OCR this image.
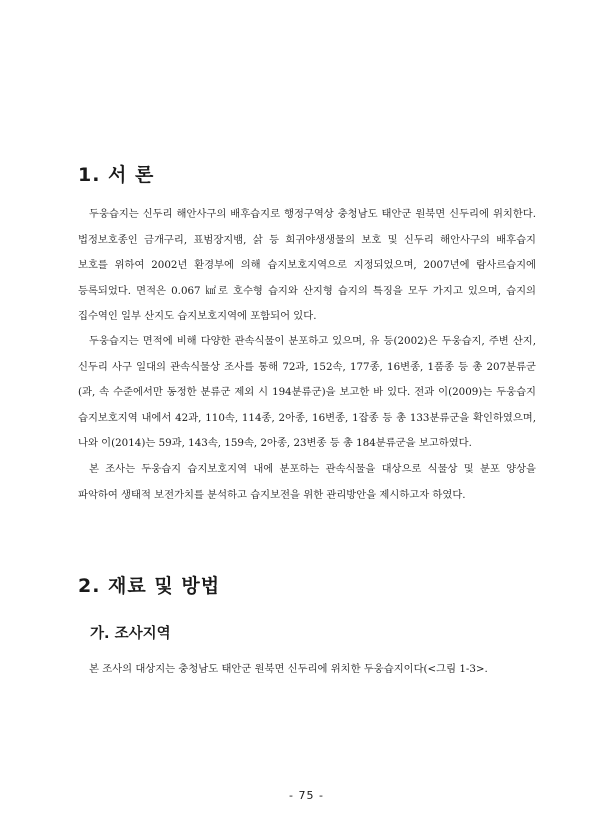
1. 서 론

두웅습지는 신두리 해안사구의 배후습지로 행정구역상 충청남도 태안군 원북면 신두리에 위치한다. 법정보호종인 금개구리, 표범장지뱀, 삵 등 희귀야생생물의 보호 및 신두리 해안사구의 배후습지 보호를 위하여 2002년 환경부에 의해 습지보호지역으로 지정되었으며, 2007년에 람사르습지에 등록되었다. 면적은 0.067 ㎢로 호수형 습지와 산지형 습지의 특징을 모두 가지고 있으며, 습지의 집수역인 일부 산지도 습지보호지역에 포함되어 있다.

두웅습지는 면적에 비해 다양한 관속식물이 분포하고 있으며, 유 등(2002)은 두웅습지, 주변 산지, 신두리 사구 일대의 관속식물상 조사를 통해 72과, 152속, 177종, 16변종, 1품종 등 총 207분류군(과, 속 수준에서만 동정한 분류군 제외 시 194분류군)을 보고한 바 있다. 전과 이(2009)는 두웅습지 습지보호지역 내에서 42과, 110속, 114종, 2아종, 16변종, 1잡종 등 총 133분류군을 확인하였으며, 나와 이(2014)는 59과, 143속, 159속, 2아종, 23변종 등 총 184분류군을 보고하였다.

본 조사는 두웅습지 습지보호지역 내에 분포하는 관속식물을 대상으로 식물상 및 분포 양상을 파악하여 생태적 보전가치를 분석하고 습지보전을 위한 관리방안을 제시하고자 하였다.

2. 재료 및 방법
가. 조사지역

본 조사의 대상지는 충청남도 태안군 원북면 신두리에 위치한 두웅습지이다(<그림 1-3>.

- 75 -
